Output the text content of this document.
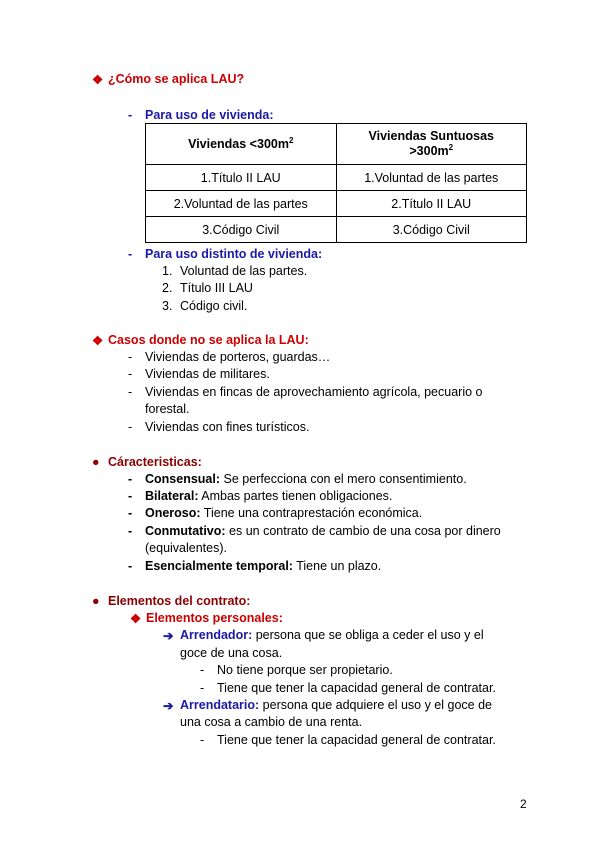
❖ ¿Cómo se aplica LAU?
- Para uso de vivienda:
Viviendas $<300m^2$	Viviendas Suntuosas
$>300m^2$
1.Título II LAU	1.Voluntad de las partes
2.Voluntad de las partes	2.Título II LAU
3.Código Civil	3.Código Civil
- Para uso distinto de vivienda:
1. Voluntad de las partes.
2. Título III LAU
3. Código civil.
❖ Casos donde no se aplica la LAU:
- Viviendas de porteros, guardas…
- Viviendas de militares.
- Viviendas en fincas de aprovechamiento agrícola, pecuario o
forestal.
- Viviendas con fines turísticos.
● Cáracteristicas:
- Consensual: Se perfecciona con el mero consentimiento.
- Bilateral: Ambas partes tienen obligaciones.
- Oneroso: Tiene una contraprestación económica.
- Conmutativo: es un contrato de cambio de una cosa por dinero
(equivalentes).
- Esencialmente temporal: Tiene un plazo.
● Elementos del contrato:
❖ Elementos personales:
➔ Arrendador: persona que se obliga a ceder el uso y el
goce de una cosa.
- No tiene porque ser propietario.
- Tiene que tener la capacidad general de contratar.
➔ Arrendatario: persona que adquiere el uso y el goce de
una cosa a cambio de una renta.
- Tiene que tener la capacidad general de contratar.
2
